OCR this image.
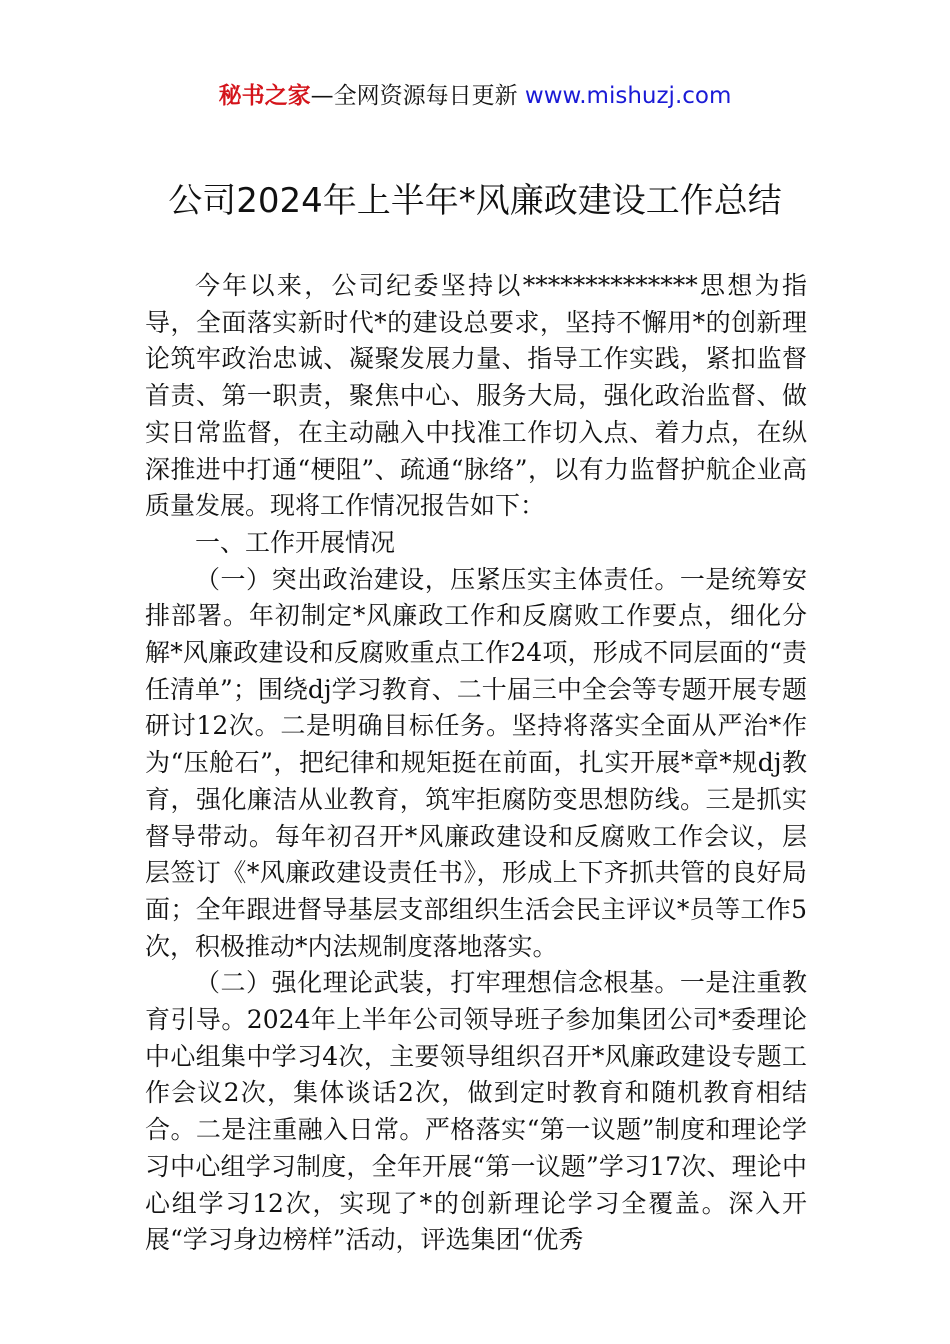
秘书之家—全网资源每日更新 www.mishuzj.com
公司2024年上半年*风廉政建设工作总结

今年以来，公司纪委坚持以**************思想为指导，全面落实新时代*的建设总要求，坚持不懈用*的创新理论筑牢政治忠诚、凝聚发展力量、指导工作实践，紧扣监督首责、第一职责，聚焦中心、服务大局，强化政治监督、做实日常监督，在主动融入中找准工作切入点、着力点，在纵深推进中打通“梗阻”、疏通“脉络”，以有力监督护航企业高质量发展。现将工作情况报告如下：

一、工作开展情况

（一）突出政治建设，压紧压实主体责任。一是统筹安排部署。年初制定*风廉政工作和反腐败工作要点，细化分解*风廉政建设和反腐败重点工作24项，形成不同层面的“责任清单”；围绕dj学习教育、二十届三中全会等专题开展专题研讨12次。二是明确目标任务。坚持将落实全面从严治*作为“压舱石”，把纪律和规矩挺在前面，扎实开展*章*规dj教育，强化廉洁从业教育，筑牢拒腐防变思想防线。三是抓实督导带动。每年初召开*风廉政建设和反腐败工作会议，层层签订《*风廉政建设责任书》，形成上下齐抓共管的良好局面；全年跟进督导基层支部组织生活会民主评议*员等工作5次，积极推动*内法规制度落地落实。

（二）强化理论武装，打牢理想信念根基。一是注重教育引导。2024年上半年公司领导班子参加集团公司*委理论中心组集中学习4次，主要领导组织召开*风廉政建设专题工作会议2次，集体谈话2次，做到定时教育和随机教育相结合。二是注重融入日常。严格落实“第一议题”制度和理论学习中心组学习制度，全年开展“第一议题”学习17次、理论中心组学习12次，实现了*的创新理论学习全覆盖。深入开展“学习身边榜样”活动，评选集团“优秀
